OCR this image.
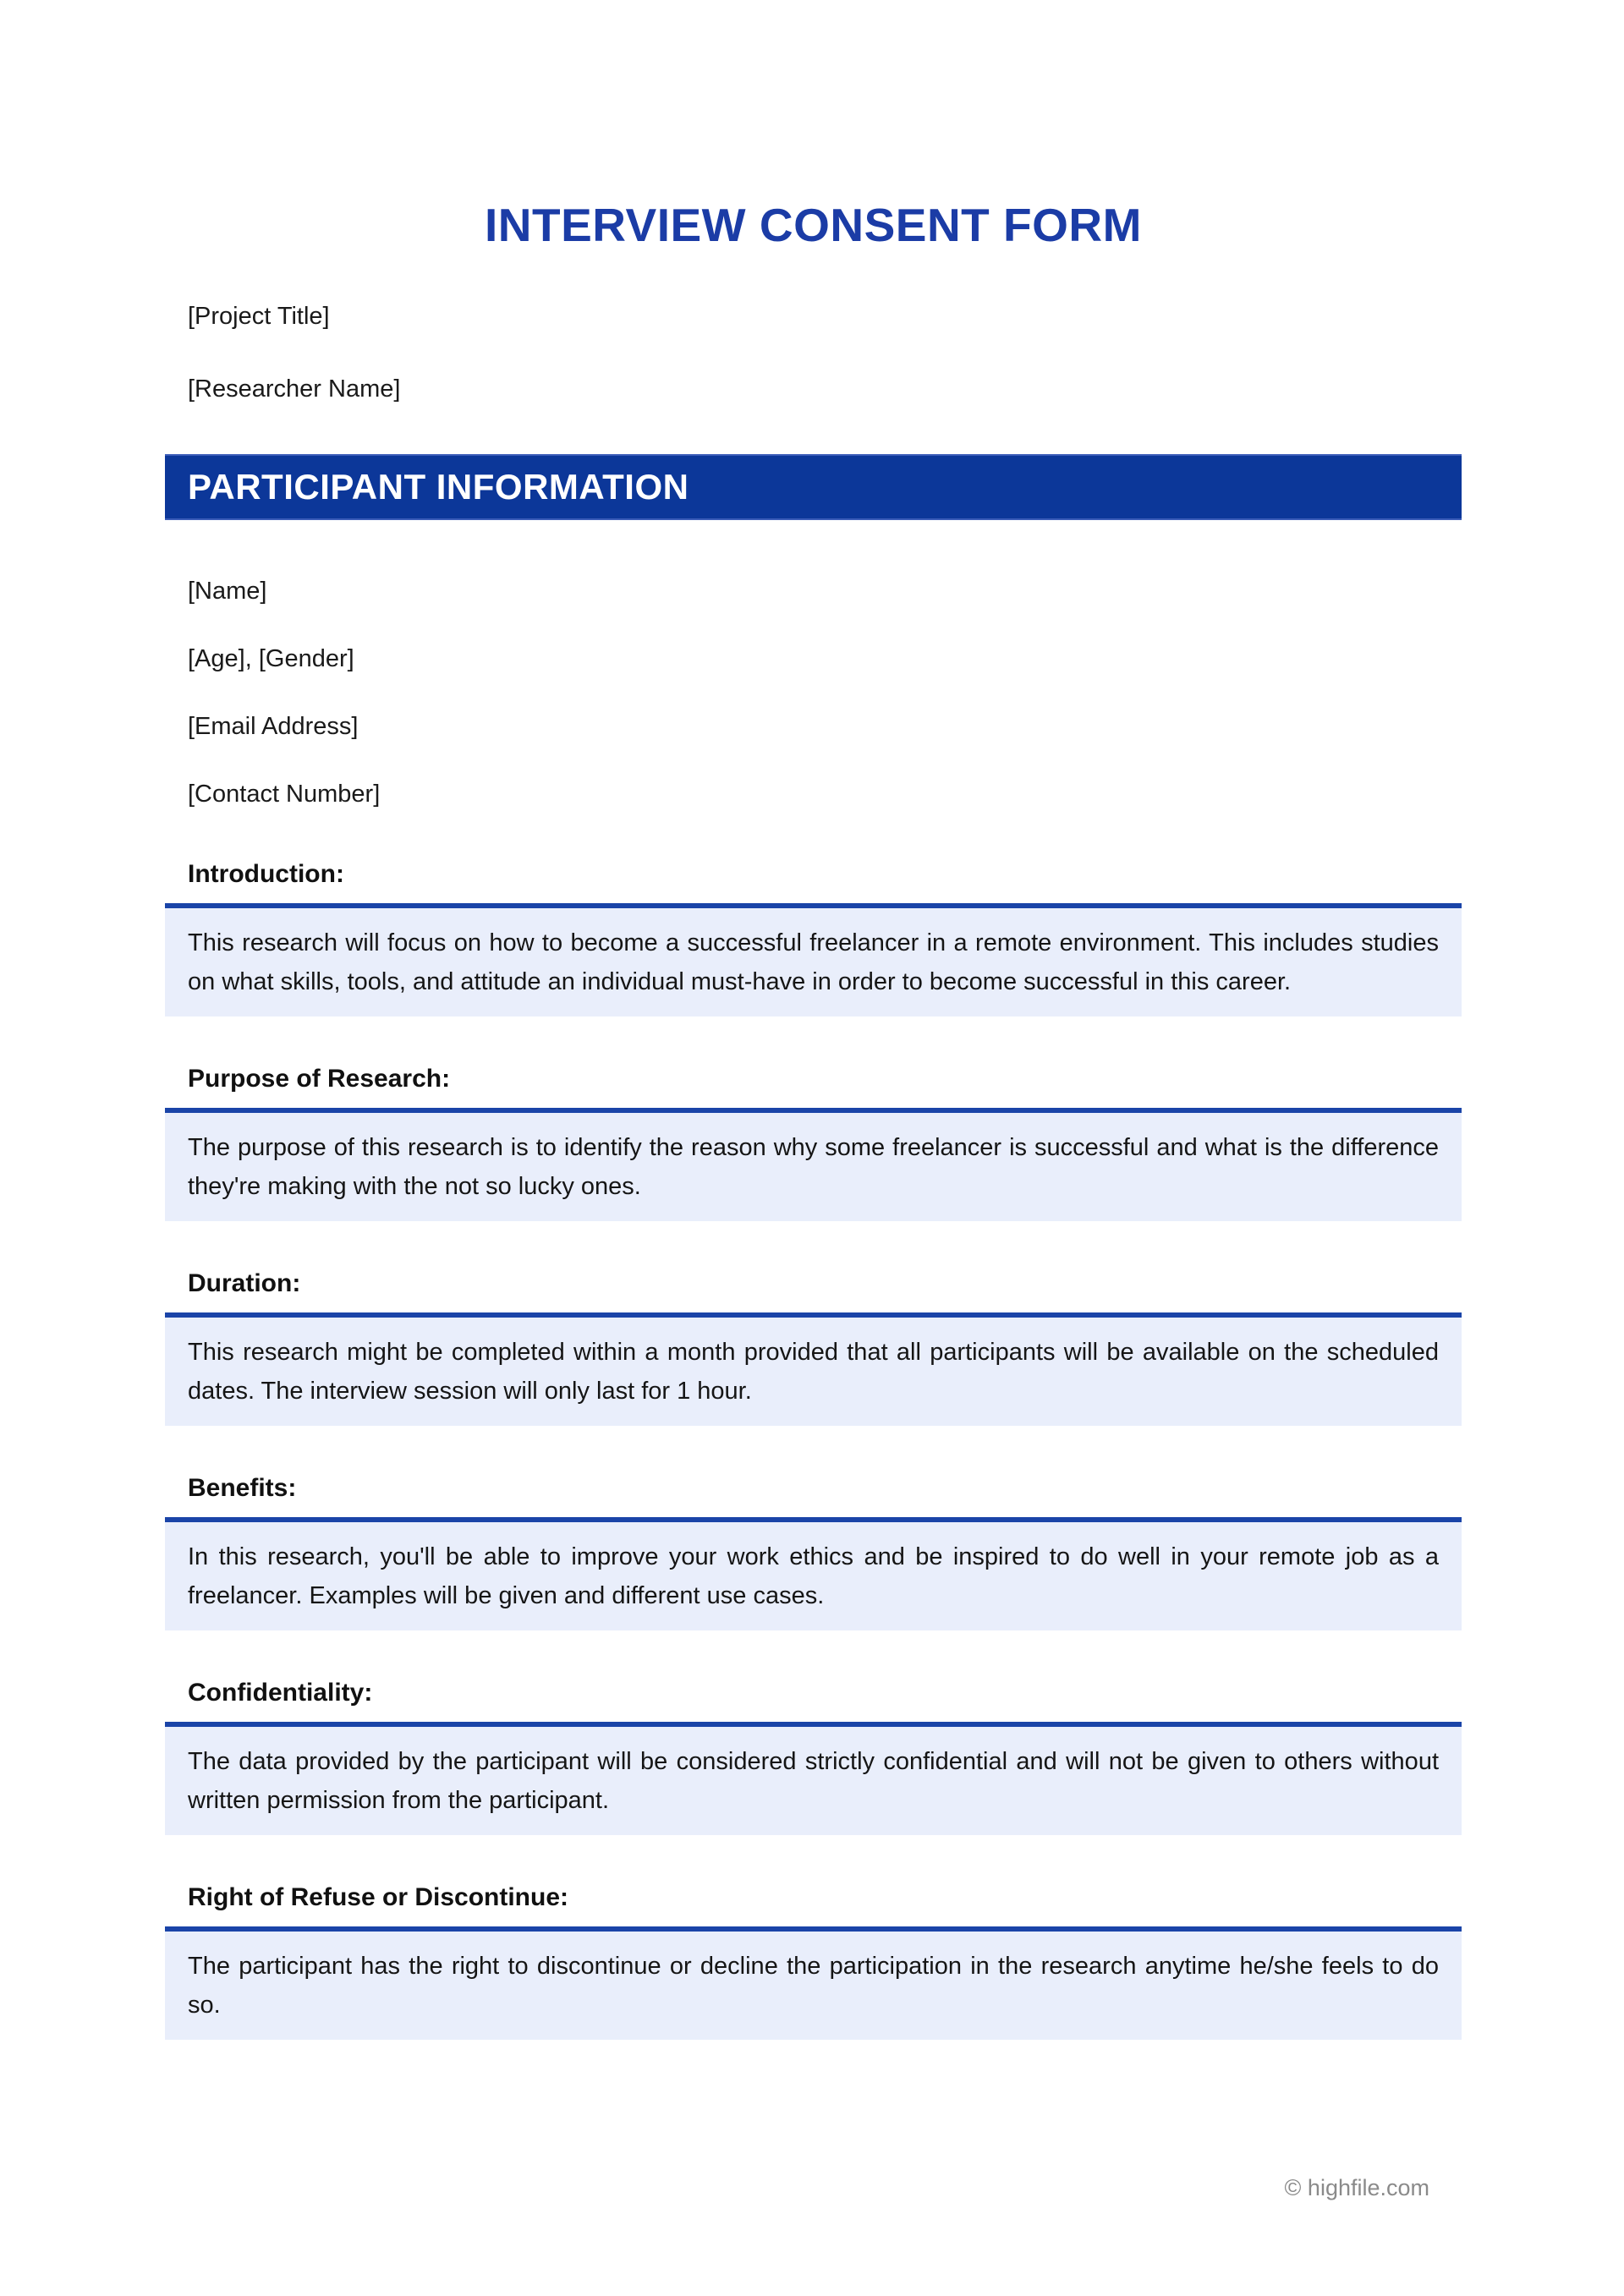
INTERVIEW CONSENT FORM

[Project Title]

[Researcher Name]

PARTICIPANT INFORMATION

[Name]

[Age], [Gender]

[Email Address]

[Contact Number]

Introduction:

This research will focus on how to become a successful freelancer in a remote environment. This includes studies on what skills, tools, and attitude an individual must-have in order to become successful in this career.

Purpose of Research:

The purpose of this research is to identify the reason why some freelancer is successful and what is the difference they're making with the not so lucky ones.

Duration:

This research might be completed within a month provided that all participants will be available on the scheduled dates. The interview session will only last for 1 hour.

Benefits:

In this research, you'll be able to improve your work ethics and be inspired to do well in your remote job as a freelancer. Examples will be given and different use cases.

Confidentiality:

The data provided by the participant will be considered strictly confidential and will not be given to others without written permission from the participant.

Right of Refuse or Discontinue:

The participant has the right to discontinue or decline the participation in the research anytime he/she feels to do so.

© highfile.com
